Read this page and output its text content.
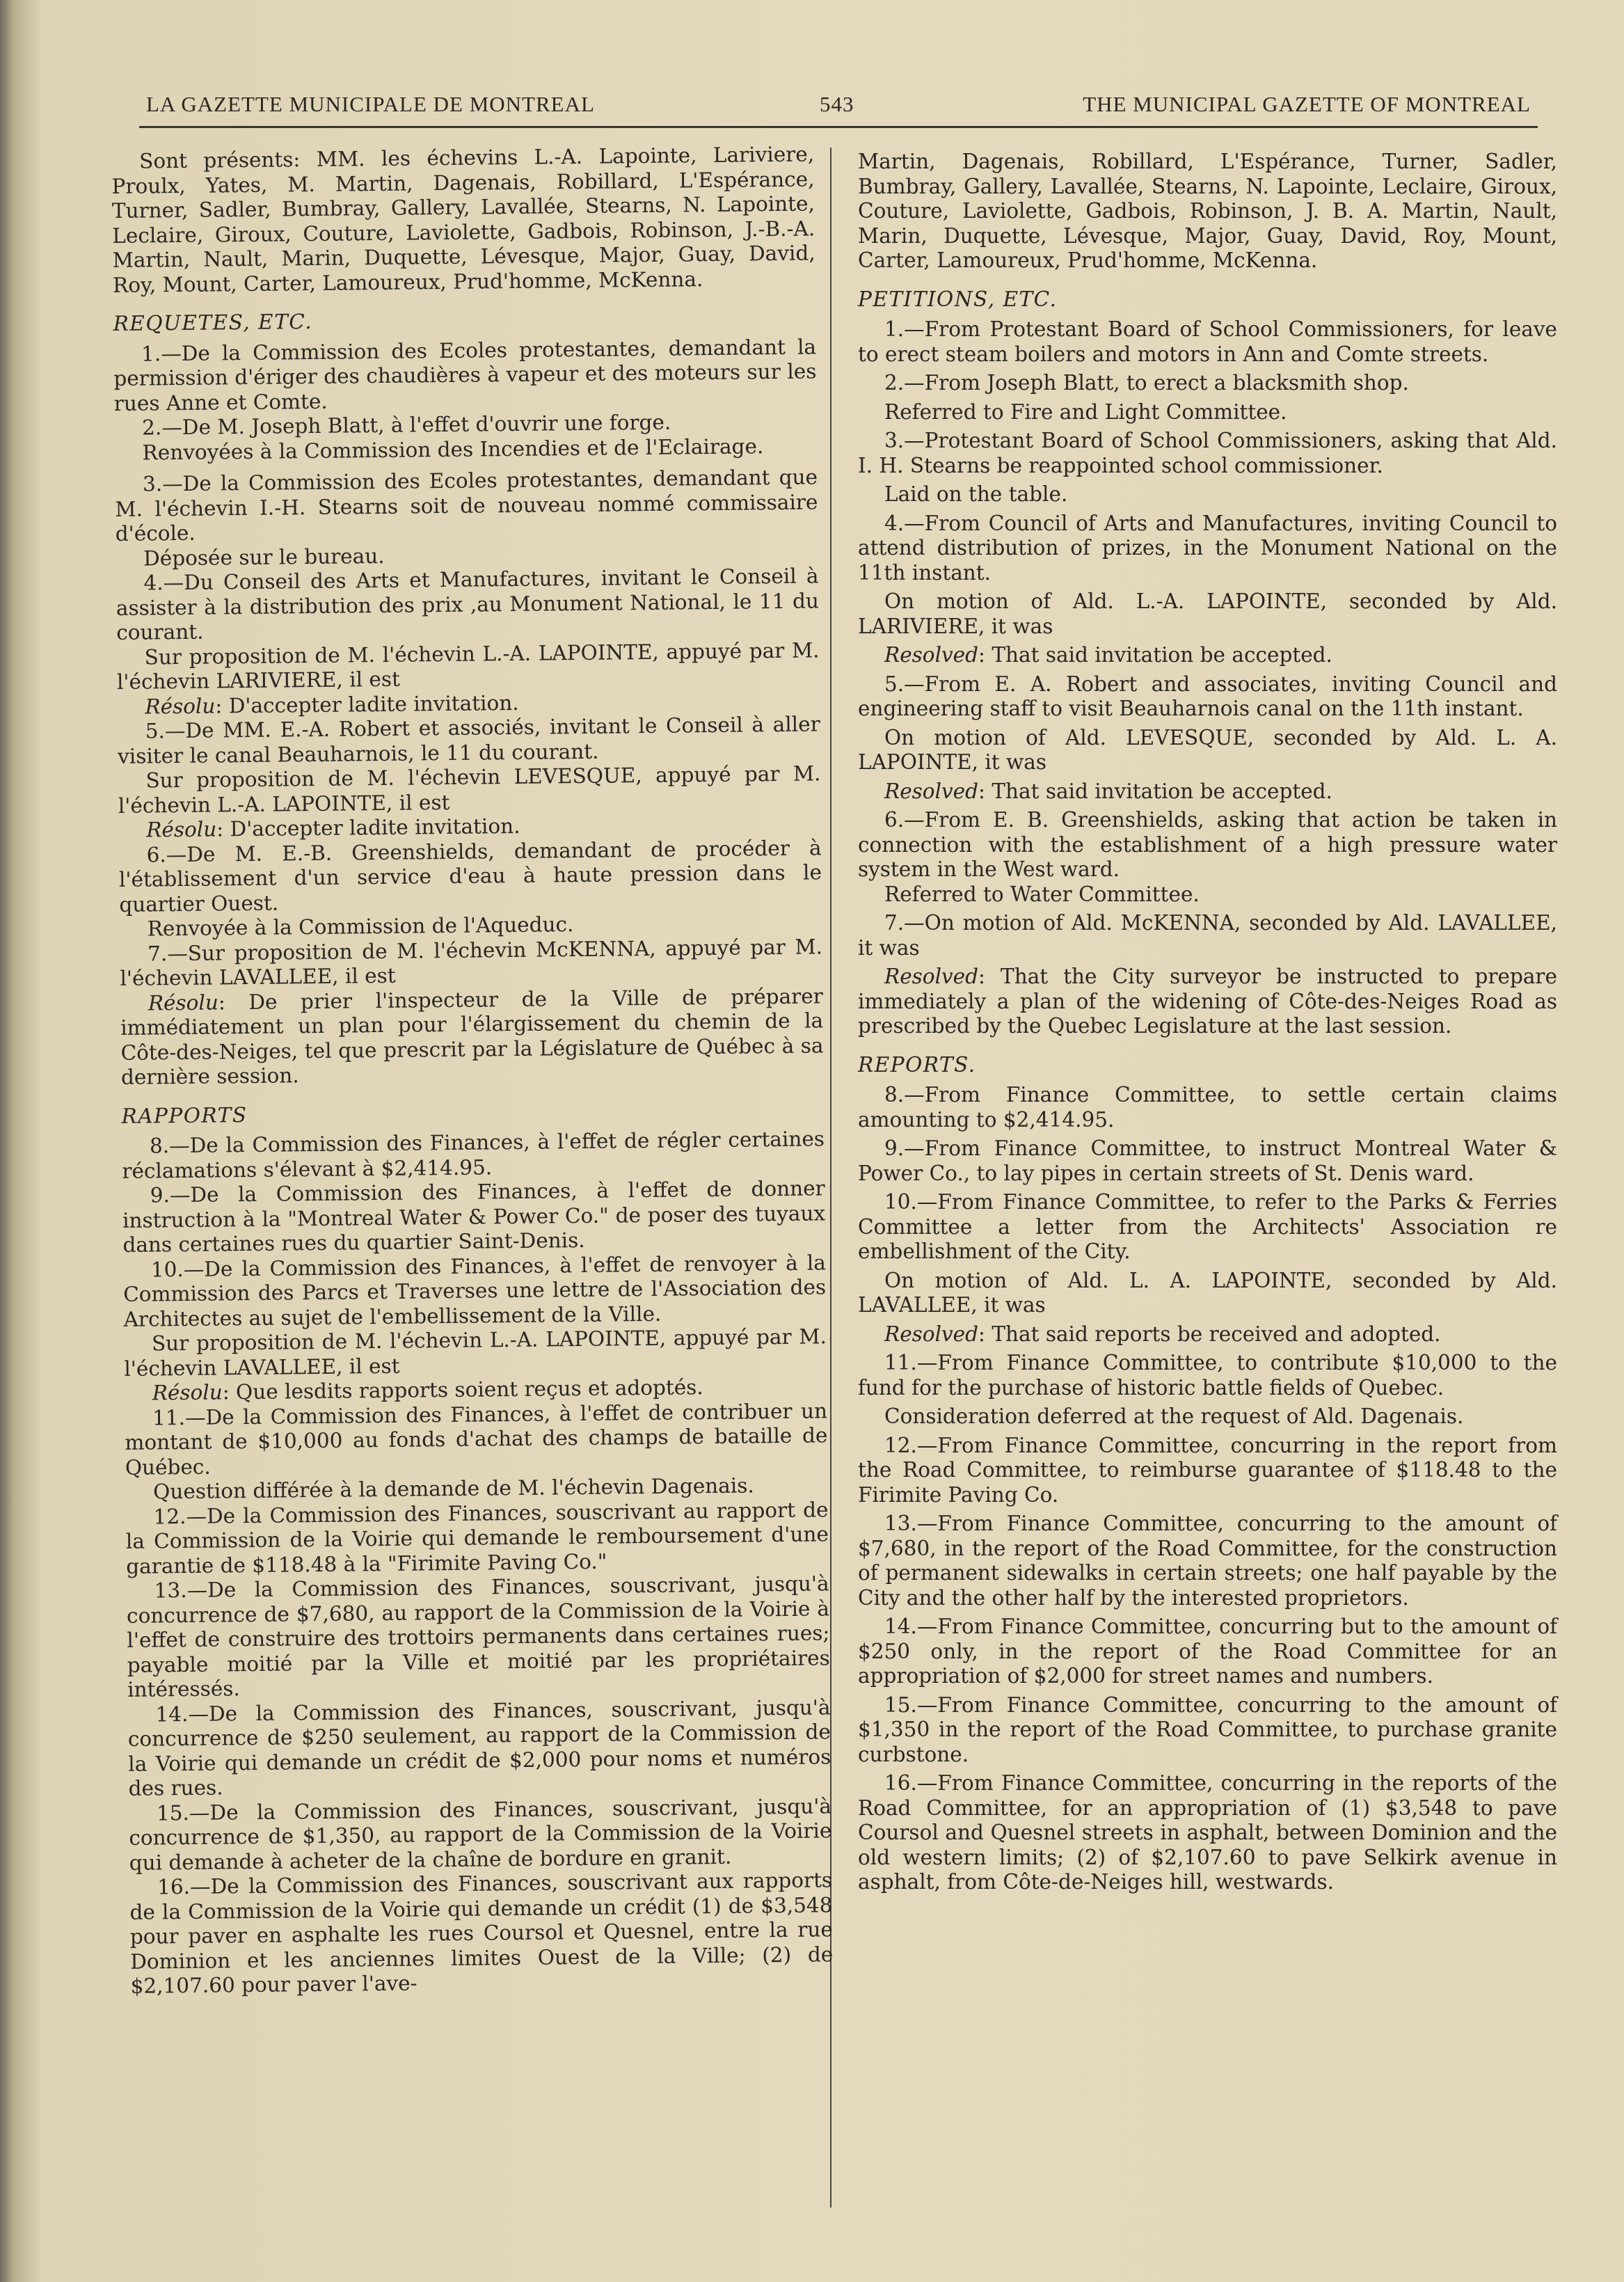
LA GAZETTE MUNICIPALE DE MONTREAL	543	THE MUNICIPAL GAZETTE OF MONTREAL

Sont présents: MM. les échevins L.-A. Lapointe, Lariviere, Proulx, Yates, M. Martin, Dagenais, Robillard, L'Espérance, Turner, Sadler, Bumbray, Gallery, Lavallée, Stearns, N. Lapointe, Leclaire, Giroux, Couture, Laviolette, Gadbois, Robinson, J.-B.-A. Martin, Nault, Marin, Duquette, Lévesque, Major, Guay, David, Roy, Mount, Carter, Lamoureux, Prud'homme, McKenna.

REQUETES, ETC.

1.—De la Commission des Ecoles protestantes, demandant la permission d'ériger des chaudières à vapeur et des moteurs sur les rues Anne et Comte.

2.—De M. Joseph Blatt, à l'effet d'ouvrir une forge.

Renvoyées à la Commission des Incendies et de l'Eclairage.

3.—De la Commission des Ecoles protestantes, demandant que M. l'échevin I.-H. Stearns soit de nouveau nommé commissaire d'école.

Déposée sur le bureau.

4.—Du Conseil des Arts et Manufactures, invitant le Conseil à assister à la distribution des prix ,au Monument National, le 11 du courant.

Sur proposition de M. l'échevin L.-A. LAPOINTE, appuyé par M. l'échevin LARIVIERE, il est

Résolu: D'accepter ladite invitation.

5.—De MM. E.-A. Robert et associés, invitant le Conseil à aller visiter le canal Beauharnois, le 11 du courant.

Sur proposition de M. l'échevin LEVESQUE, appuyé par M. l'échevin L.-A. LAPOINTE, il est

Résolu: D'accepter ladite invitation.

6.—De M. E.-B. Greenshields, demandant de procéder à l'établissement d'un service d'eau à haute pression dans le quartier Ouest.

Renvoyée à la Commission de l'Aqueduc.

7.—Sur proposition de M. l'échevin McKENNA, appuyé par M. l'échevin LAVALLEE, il est

Résolu: De prier l'inspecteur de la Ville de préparer immédiatement un plan pour l'élargissement du chemin de la Côte-des-Neiges, tel que prescrit par la Législature de Québec à sa dernière session.

RAPPORTS

8.—De la Commission des Finances, à l'effet de régler certaines réclamations s'élevant à $2,414.95.

9.—De la Commission des Finances, à l'effet de donner instruction à la "Montreal Water & Power Co." de poser des tuyaux dans certaines rues du quartier Saint-Denis.

10.—De la Commission des Finances, à l'effet de renvoyer à la Commission des Parcs et Traverses une lettre de l'Association des Architectes au sujet de l'embellissement de la Ville.

Sur proposition de M. l'échevin L.-A. LAPOINTE, appuyé par M. l'échevin LAVALLEE, il est

Résolu: Que lesdits rapports soient reçus et adoptés.

11.—De la Commission des Finances, à l'effet de contribuer un montant de $10,000 au fonds d'achat des champs de bataille de Québec.

Question différée à la demande de M. l'échevin Dagenais.

12.—De la Commission des Finances, souscrivant au rapport de la Commission de la Voirie qui demande le remboursement d'une garantie de $118.48 à la "Firimite Paving Co."

13.—De la Commission des Finances, souscrivant, jusqu'à concurrence de $7,680, au rapport de la Commission de la Voirie à l'effet de construire des trottoirs permanents dans certaines rues; payable moitié par la Ville et moitié par les propriétaires intéressés.

14.—De la Commission des Finances, souscrivant, jusqu'à concurrence de $250 seulement, au rapport de la Commission de la Voirie qui demande un crédit de $2,000 pour noms et numéros des rues.

15.—De la Commission des Finances, souscrivant, jusqu'à concurrence de $1,350, au rapport de la Commission de la Voirie qui demande à acheter de la chaîne de bordure en granit.

16.—De la Commission des Finances, souscrivant aux rapports de la Commission de la Voirie qui demande un crédit (1) de $3,548 pour paver en asphalte les rues Coursol et Quesnel, entre la rue Dominion et les anciennes limites Ouest de la Ville; (2) de $2,107.60 pour paver l'ave-

Martin, Dagenais, Robillard, L'Espérance, Turner, Sadler, Bumbray, Gallery, Lavallée, Stearns, N. Lapointe, Leclaire, Giroux, Couture, Laviolette, Gadbois, Robinson, J. B. A. Martin, Nault, Marin, Duquette, Lévesque, Major, Guay, David, Roy, Mount, Carter, Lamoureux, Prud'homme, McKenna.

PETITIONS, ETC.

1.—From Protestant Board of School Commissioners, for leave to erect steam boilers and motors in Ann and Comte streets.

2.—From Joseph Blatt, to erect a blacksmith shop.

Referred to Fire and Light Committee.

3.—Protestant Board of School Commissioners, asking that Ald. I. H. Stearns be reappointed school commissioner.

Laid on the table.

4.—From Council of Arts and Manufactures, inviting Council to attend distribution of prizes, in the Monument National on the 11th instant.

On motion of Ald. L.-A. LAPOINTE, seconded by Ald. LARIVIERE, it was

Resolved: That said invitation be accepted.

5.—From E. A. Robert and associates, inviting Council and engineering staff to visit Beauharnois canal on the 11th instant.

On motion of Ald. LEVESQUE, seconded by Ald. L. A. LAPOINTE, it was

Resolved: That said invitation be accepted.

6.—From E. B. Greenshields, asking that action be taken in connection with the establishment of a high pressure water system in the West ward.

Referred to Water Committee.

7.—On motion of Ald. McKENNA, seconded by Ald. LAVALLEE, it was

Resolved: That the City surveyor be instructed to prepare immediately a plan of the widening of Côte-des-Neiges Road as prescribed by the Quebec Legislature at the last session.

REPORTS.

8.—From Finance Committee, to settle certain claims amounting to $2,414.95.

9.—From Finance Committee, to instruct Montreal Water & Power Co., to lay pipes in certain streets of St. Denis ward.

10.—From Finance Committee, to refer to the Parks & Ferries Committee a letter from the Architects' Association re embellishment of the City.

On motion of Ald. L. A. LAPOINTE, seconded by Ald. LAVALLEE, it was

Resolved: That said reports be received and adopted.

11.—From Finance Committee, to contribute $10,000 to the fund for the purchase of historic battle fields of Quebec.

Consideration deferred at the request of Ald. Dagenais.

12.—From Finance Committee, concurring in the report from the Road Committee, to reimburse guarantee of $118.48 to the Firimite Paving Co.

13.—From Finance Committee, concurring to the amount of $7,680, in the report of the Road Committee, for the construction of permanent sidewalks in certain streets; one half payable by the City and the other half by the interested proprietors.

14.—From Finance Committee, concurring but to the amount of $250 only, in the report of the Road Committee for an appropriation of $2,000 for street names and numbers.

15.—From Finance Committee, concurring to the amount of $1,350 in the report of the Road Committee, to purchase granite curbstone.

16.—From Finance Committee, concurring in the reports of the Road Committee, for an appropriation of (1) $3,548 to pave Coursol and Quesnel streets in asphalt, between Dominion and the old western limits; (2) of $2,107.60 to pave Selkirk avenue in asphalt, from Côte-de-Neiges hill, westwards.
